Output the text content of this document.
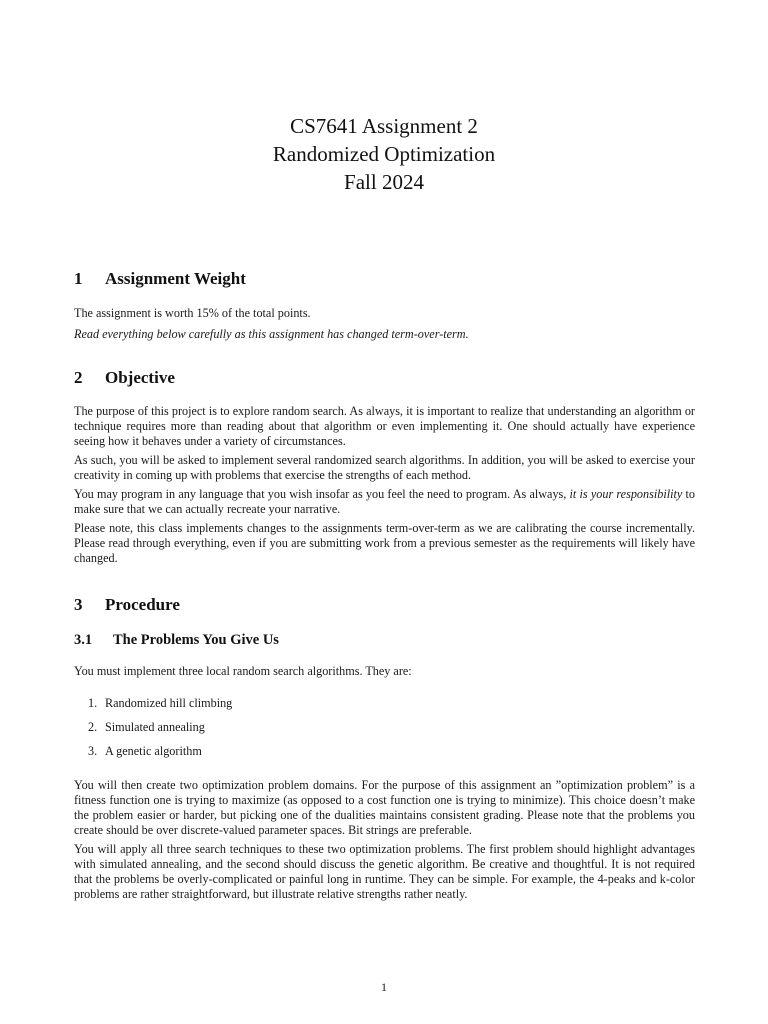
CS7641 Assignment 2
Randomized Optimization
Fall 2024
1 Assignment Weight

The assignment is worth 15% of the total points.

Read everything below carefully as this assignment has changed term-over-term.

2 Objective

The purpose of this project is to explore random search. As always, it is important to realize that understanding an algorithm or technique requires more than reading about that algorithm or even implementing it. One should actually have experience seeing how it behaves under a variety of circumstances.

As such, you will be asked to implement several randomized search algorithms. In addition, you will be asked to exercise your creativity in coming up with problems that exercise the strengths of each method.

You may program in any language that you wish insofar as you feel the need to program. As always, it is your responsibility to make sure that we can actually recreate your narrative.

Please note, this class implements changes to the assignments term-over-term as we are calibrating the course incrementally. Please read through everything, even if you are submitting work from a previous semester as the requirements will likely have changed.

3 Procedure
3.1 The Problems You Give Us

You must implement three local random search algorithms. They are:

1. Randomized hill climbing
2. Simulated annealing
3. A genetic algorithm

You will then create two optimization problem domains. For the purpose of this assignment an ”optimization problem” is a fitness function one is trying to maximize (as opposed to a cost function one is trying to minimize). This choice doesn’t make the problem easier or harder, but picking one of the dualities maintains consistent grading. Please note that the problems you create should be over discrete-valued parameter spaces. Bit strings are preferable.

You will apply all three search techniques to these two optimization problems. The first problem should highlight advantages with simulated annealing, and the second should discuss the genetic algorithm. Be creative and thoughtful. It is not required that the problems be overly-complicated or painful long in runtime. They can be simple. For example, the 4-peaks and k-color problems are rather straightforward, but illustrate relative strengths rather neatly.

1
